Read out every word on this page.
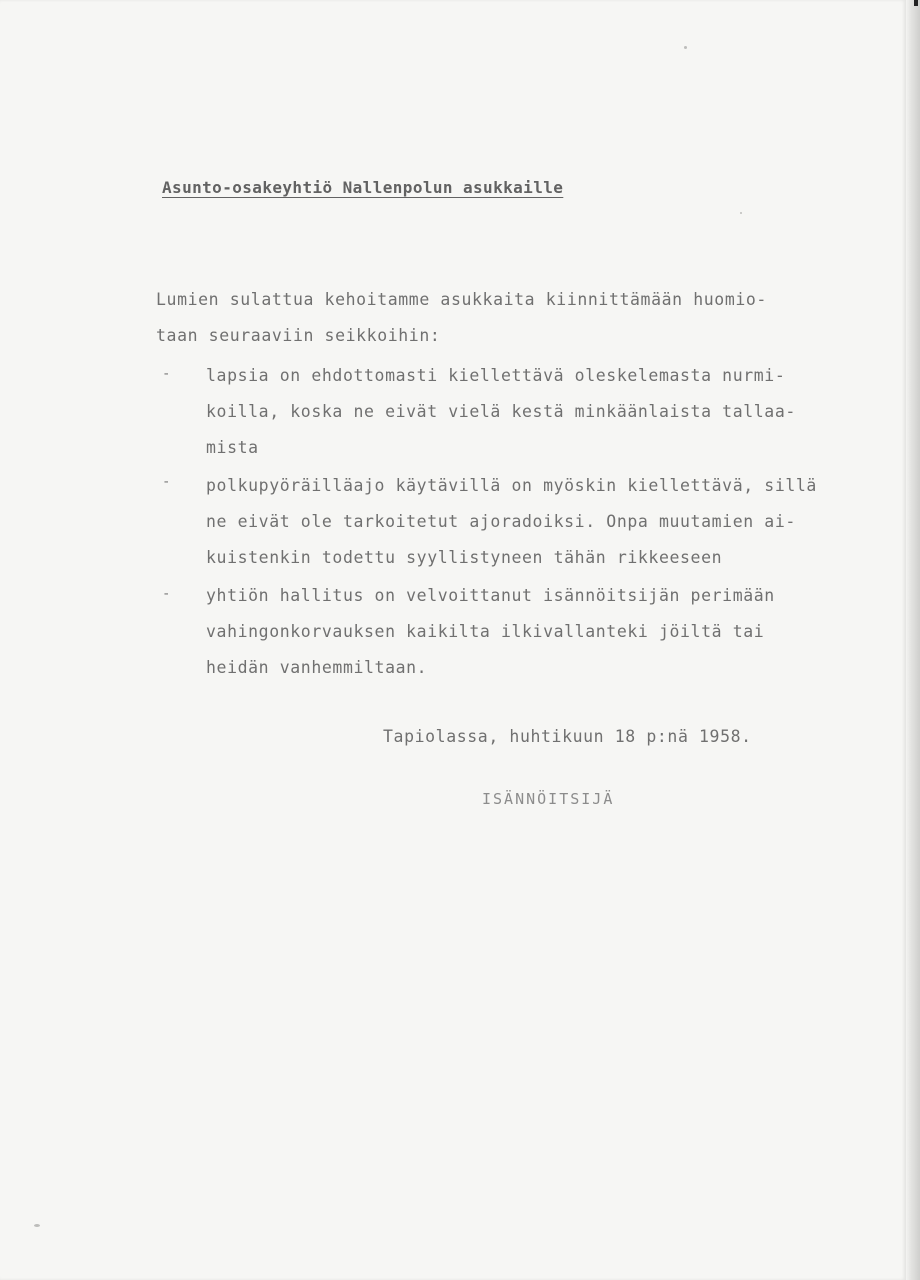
Asunto-osakeyhtiö Nallenpolun asukkaille
Lumien sulattua kehoitamme asukkaita kiinnittämään huomio-
taan seuraaviin seikkoihin:
- lapsia on ehdottomasti kiellettävä oleskelemasta nurmi-
koilla, koska ne eivät vielä kestä minkäänlaista tallaa-
mista
- polkupyöräilläajo käytävillä on myöskin kiellettävä, sillä
ne eivät ole tarkoitetut ajoradoiksi. Onpa muutamien ai-
kuistenkin todettu syyllistyneen tähän rikkeeseen
- yhtiön hallitus on velvoittanut isännöitsijän perimään
vahingonkorvauksen kaikilta ilkivallanteki jöiltä tai
heidän vanhemmiltaan.
Tapiolassa, huhtikuun 18 p:nä 1958.
ISÄNNÖITSIJÄ
